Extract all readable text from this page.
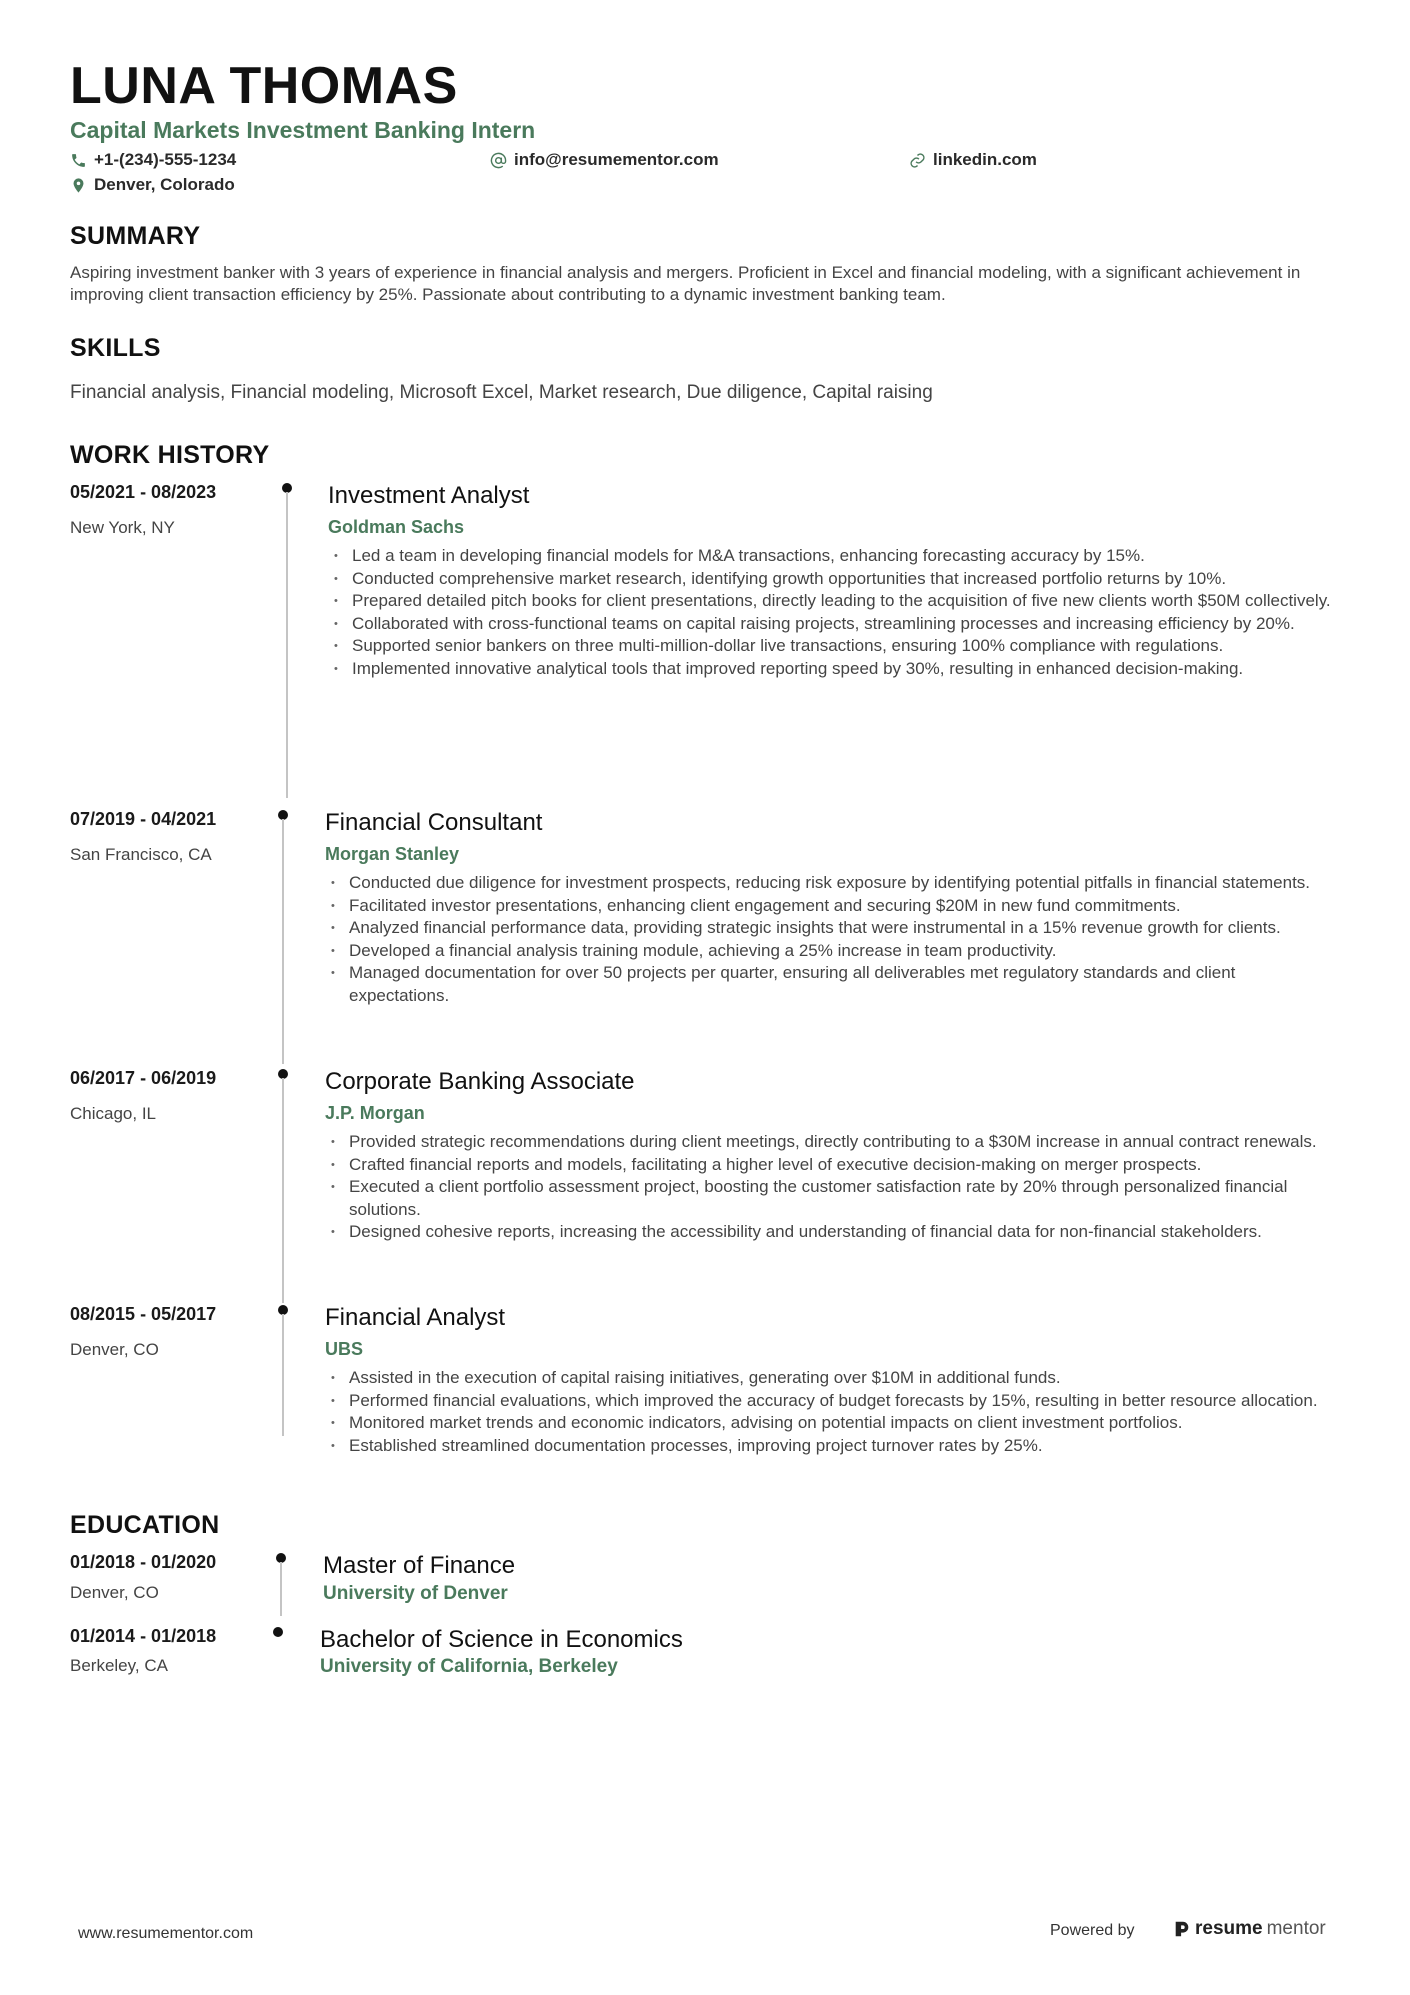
LUNA THOMAS
Capital Markets Investment Banking Intern
+1-(234)-555-1234	info@resumementor.com	linkedin.com
Denver, Colorado
SUMMARY
Aspiring investment banker with 3 years of experience in financial analysis and mergers. Proficient in Excel and financial modeling, with a significant achievement in improving client transaction efficiency by 25%. Passionate about contributing to a dynamic investment banking team.
SKILLS
Financial analysis, Financial modeling, Microsoft Excel, Market research, Due diligence, Capital raising
WORK HISTORY
05/2021 - 08/2023
New York, NY
Investment Analyst
Goldman Sachs
• Led a team in developing financial models for M&A transactions, enhancing forecasting accuracy by 15%.
• Conducted comprehensive market research, identifying growth opportunities that increased portfolio returns by 10%.
• Prepared detailed pitch books for client presentations, directly leading to the acquisition of five new clients worth $50M collectively.
• Collaborated with cross-functional teams on capital raising projects, streamlining processes and increasing efficiency by 20%.
• Supported senior bankers on three multi-million-dollar live transactions, ensuring 100% compliance with regulations.
• Implemented innovative analytical tools that improved reporting speed by 30%, resulting in enhanced decision-making.
07/2019 - 04/2021
San Francisco, CA
Financial Consultant
Morgan Stanley
• Conducted due diligence for investment prospects, reducing risk exposure by identifying potential pitfalls in financial statements.
• Facilitated investor presentations, enhancing client engagement and securing $20M in new fund commitments.
• Analyzed financial performance data, providing strategic insights that were instrumental in a 15% revenue growth for clients.
• Developed a financial analysis training module, achieving a 25% increase in team productivity.
• Managed documentation for over 50 projects per quarter, ensuring all deliverables met regulatory standards and client expectations.
06/2017 - 06/2019
Chicago, IL
Corporate Banking Associate
J.P. Morgan
• Provided strategic recommendations during client meetings, directly contributing to a $30M increase in annual contract renewals.
• Crafted financial reports and models, facilitating a higher level of executive decision-making on merger prospects.
• Executed a client portfolio assessment project, boosting the customer satisfaction rate by 20% through personalized financial solutions.
• Designed cohesive reports, increasing the accessibility and understanding of financial data for non-financial stakeholders.
08/2015 - 05/2017
Denver, CO
Financial Analyst
UBS
• Assisted in the execution of capital raising initiatives, generating over $10M in additional funds.
• Performed financial evaluations, which improved the accuracy of budget forecasts by 15%, resulting in better resource allocation.
• Monitored market trends and economic indicators, advising on potential impacts on client investment portfolios.
• Established streamlined documentation processes, improving project turnover rates by 25%.
EDUCATION
01/2018 - 01/2020
Denver, CO
Master of Finance
University of Denver
01/2014 - 01/2018
Berkeley, CA
Bachelor of Science in Economics
University of California, Berkeley
www.resumementor.com	Powered by	resume mentor
